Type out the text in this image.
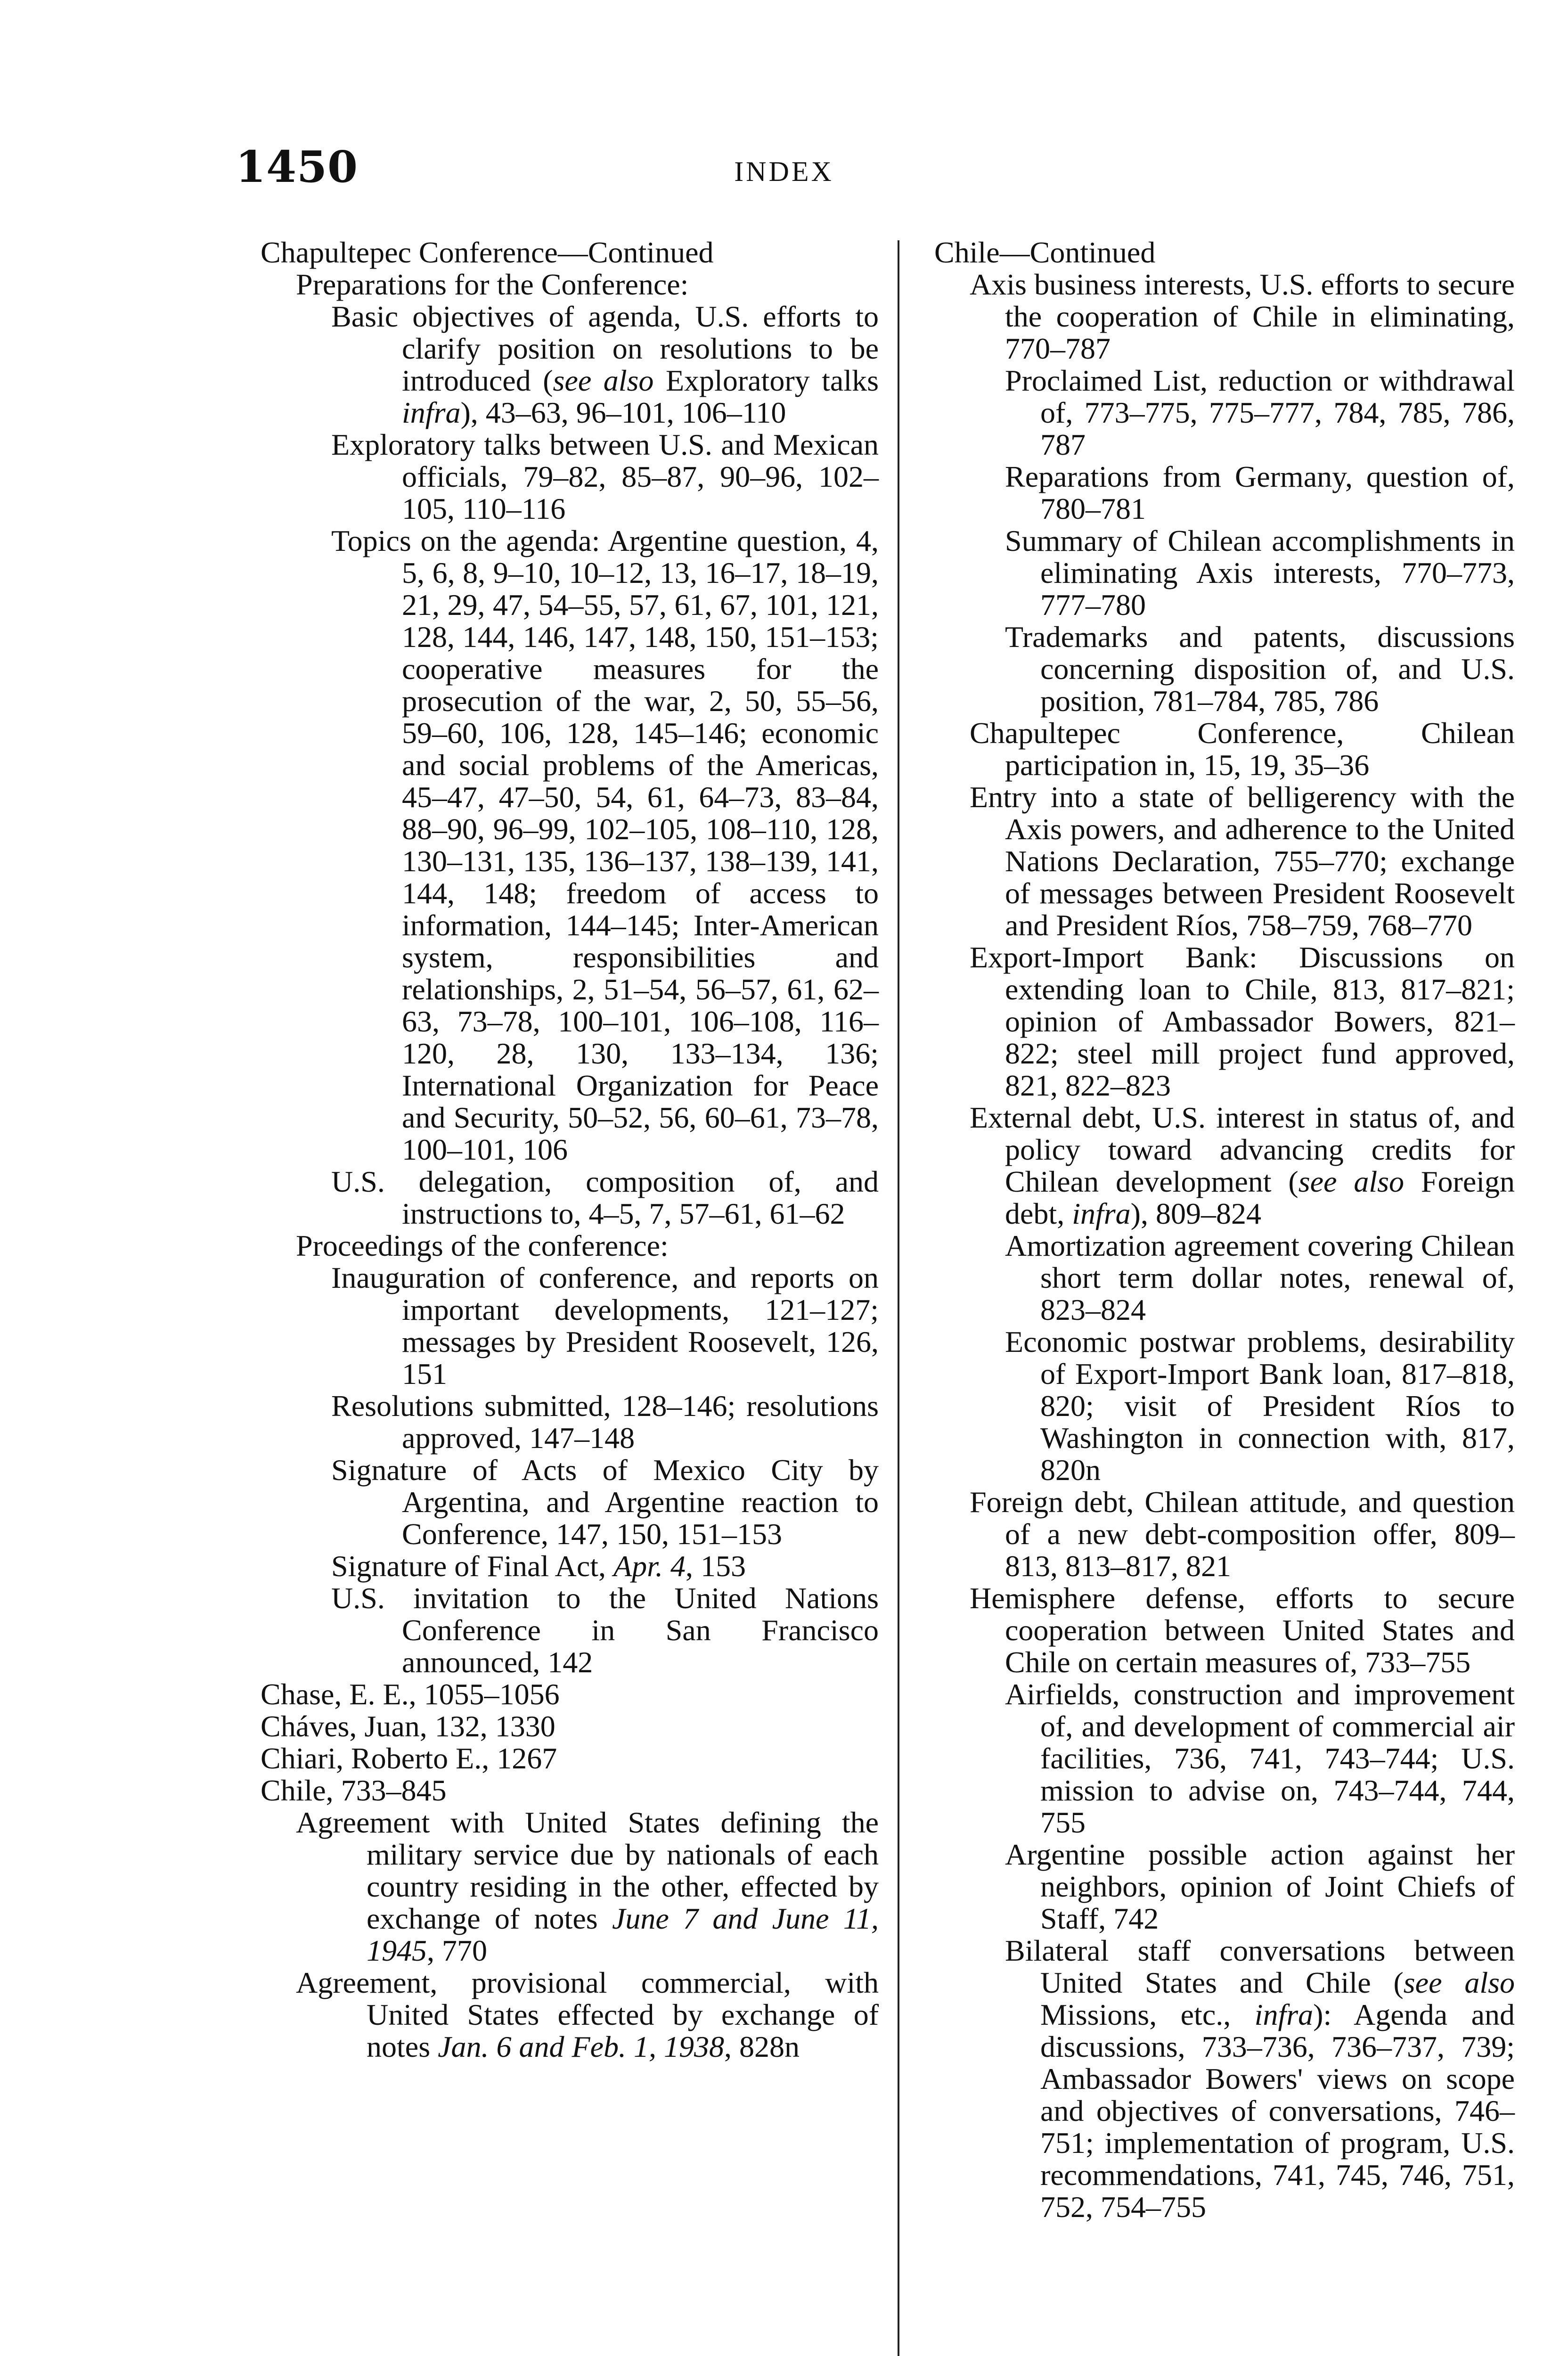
1450	INDEX
Chapultepec Conference—Continued
Preparations for the Conference:
Basic objectives of agenda, U.S. efforts to clarify position on resolutions to be introduced (see also Exploratory talks infra), 43–63, 96–101, 106–110
Exploratory talks between U.S. and Mexican officials, 79–82, 85–87, 90–96, 102–105, 110–116
Topics on the agenda: Argentine question, 4, 5, 6, 8, 9–10, 10–12, 13, 16–17, 18–19, 21, 29, 47, 54–55, 57, 61, 67, 101, 121, 128, 144, 146, 147, 148, 150, 151–153; cooperative measures for the prosecution of the war, 2, 50, 55–56, 59–60, 106, 128, 145–146; economic and social problems of the Americas, 45–47, 47–50, 54, 61, 64–73, 83–84, 88–90, 96–99, 102–105, 108–110, 128, 130–131, 135, 136–137, 138–139, 141, 144, 148; freedom of access to information, 144–145; Inter-American system, responsibilities and relationships, 2, 51–54, 56–57, 61, 62–63, 73–78, 100–101, 106–108, 116–120, 28, 130, 133–134, 136; International Organization for Peace and Security, 50–52, 56, 60–61, 73–78, 100–101, 106
U.S. delegation, composition of, and instructions to, 4–5, 7, 57–61, 61–62
Proceedings of the conference:
Inauguration of conference, and reports on important developments, 121–127; messages by President Roosevelt, 126, 151
Resolutions submitted, 128–146; resolutions approved, 147–148
Signature of Acts of Mexico City by Argentina, and Argentine reaction to Conference, 147, 150, 151–153
Signature of Final Act, Apr. 4, 153
U.S. invitation to the United Nations Conference in San Francisco announced, 142
Chase, E. E., 1055–1056
Cháves, Juan, 132, 1330
Chiari, Roberto E., 1267
Chile, 733–845
Agreement with United States defining the military service due by nationals of each country residing in the other, effected by exchange of notes June 7 and June 11, 1945, 770
Agreement, provisional commercial, with United States effected by exchange of notes Jan. 6 and Feb. 1, 1938, 828n
Chile—Continued
Axis business interests, U.S. efforts to secure the cooperation of Chile in eliminating, 770–787
Proclaimed List, reduction or withdrawal of, 773–775, 775–777, 784, 785, 786, 787
Reparations from Germany, question of, 780–781
Summary of Chilean accomplishments in eliminating Axis interests, 770–773, 777–780
Trademarks and patents, discussions concerning disposition of, and U.S. position, 781–784, 785, 786
Chapultepec Conference, Chilean participation in, 15, 19, 35–36
Entry into a state of belligerency with the Axis powers, and adherence to the United Nations Declaration, 755–770; exchange of messages between President Roosevelt and President Ríos, 758–759, 768–770
Export-Import Bank: Discussions on extending loan to Chile, 813, 817–821; opinion of Ambassador Bowers, 821–822; steel mill project fund approved, 821, 822–823
External debt, U.S. interest in status of, and policy toward advancing credits for Chilean development (see also Foreign debt, infra), 809–824
Amortization agreement covering Chilean short term dollar notes, renewal of, 823–824
Economic postwar problems, desirability of Export-Import Bank loan, 817–818, 820; visit of President Ríos to Washington in connection with, 817, 820n
Foreign debt, Chilean attitude, and question of a new debt-composition offer, 809–813, 813–817, 821
Hemisphere defense, efforts to secure cooperation between United States and Chile on certain measures of, 733–755
Airfields, construction and improvement of, and development of commercial air facilities, 736, 741, 743–744; U.S. mission to advise on, 743–744, 744, 755
Argentine possible action against her neighbors, opinion of Joint Chiefs of Staff, 742
Bilateral staff conversations between United States and Chile (see also Missions, etc., infra): Agenda and discussions, 733–736, 736–737, 739; Ambassador Bowers' views on scope and objectives of conversations, 746–751; implementation of program, U.S. recommendations, 741, 745, 746, 751, 752, 754–755
